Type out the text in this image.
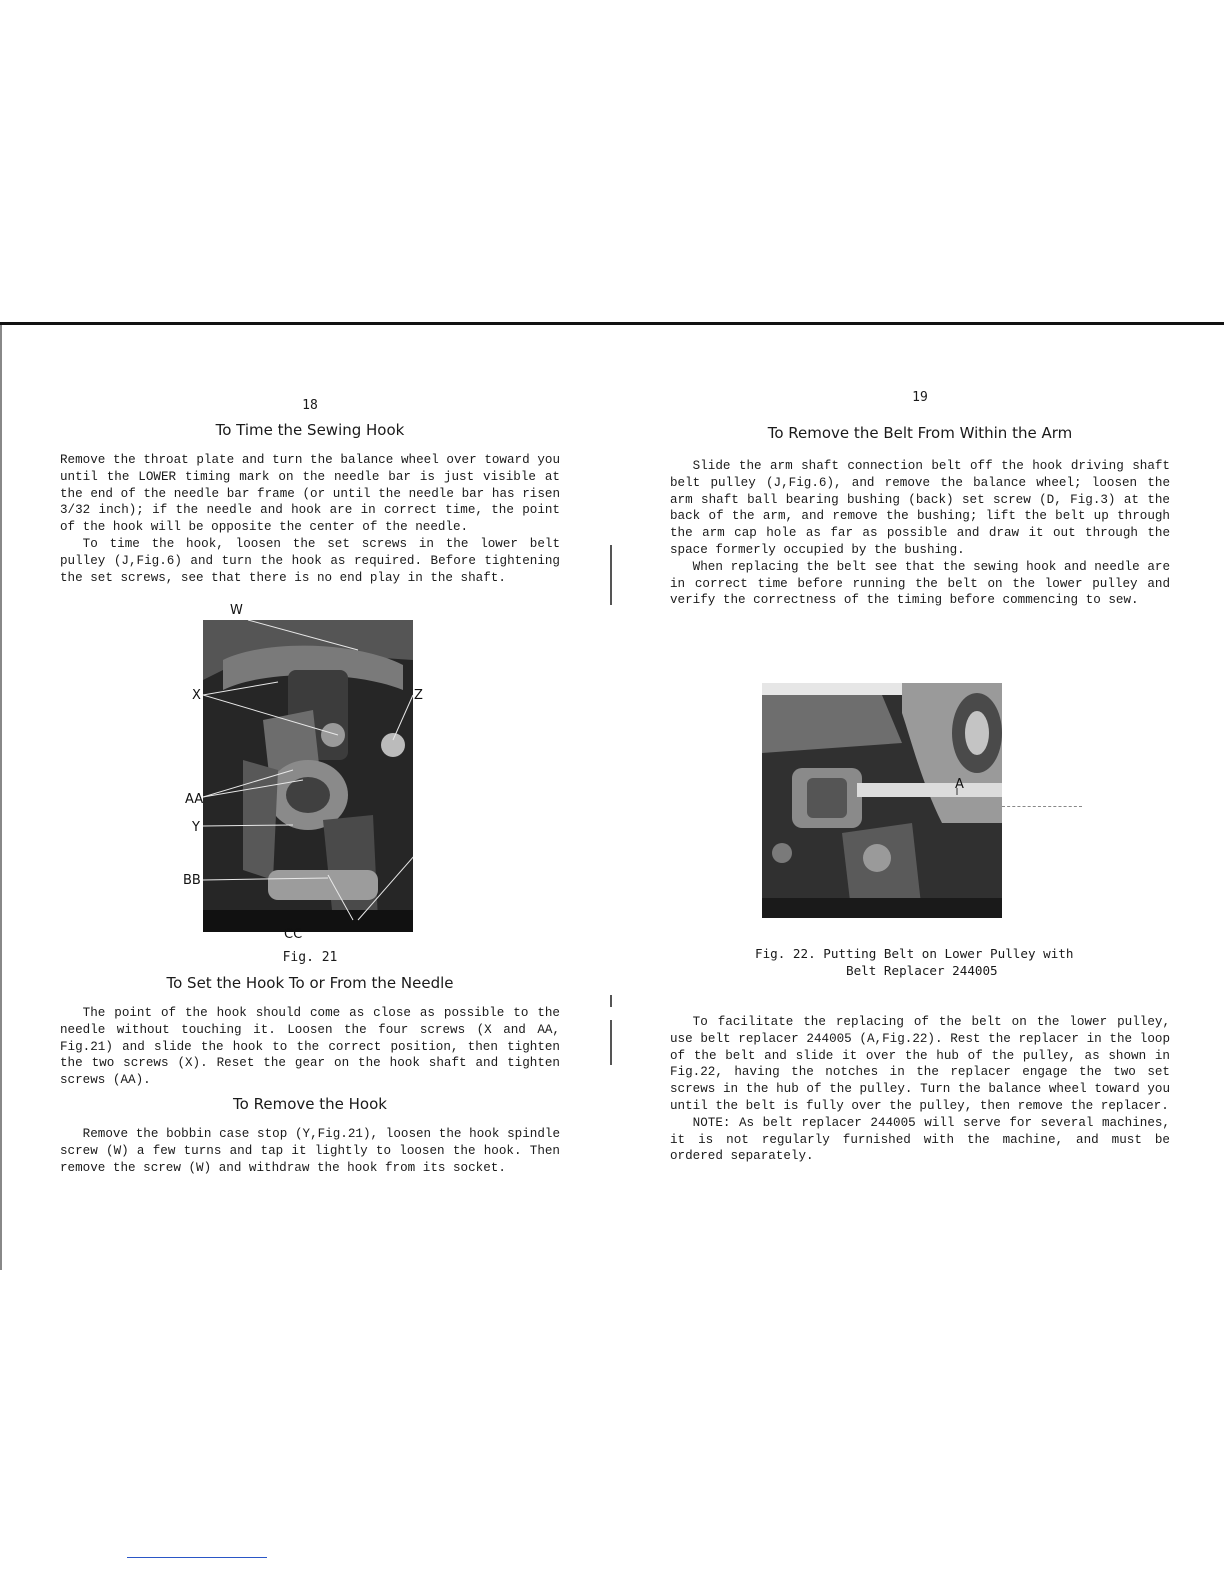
18
To Time the Sewing Hook

Remove the throat plate and turn the balance wheel over toward you until the LOWER timing mark on the needle bar is just visible at the end of the needle bar frame (or until the needle bar has risen 3/32 inch); if the needle and hook are in correct time, the point of the hook will be opposite the center of the needle.

To time the hook, loosen the set screws in the lower belt pulley (J,Fig.6) and turn the hook as required. Before tightening the set screws, see that there is no end play in the shaft.

W
X	Z
AA
Y
BB
CC
Fig. 21
To Set the Hook To or From the Needle

The point of the hook should come as close as possible to the needle without touching it. Loosen the four screws (X and AA, Fig.21) and slide the hook to the correct position, then tighten the two screws (X). Reset the gear on the hook shaft and tighten screws (AA).

To Remove the Hook

Remove the bobbin case stop (Y,Fig.21), loosen the hook spindle screw (W) a few turns and tap it lightly to loosen the hook. Then remove the screw (W) and withdraw the hook from its socket.

19
To Remove the Belt From Within the Arm

Slide the arm shaft connection belt off the hook driving shaft belt pulley (J,Fig.6), and remove the balance wheel; loosen the arm shaft ball bearing bushing (back) set screw (D, Fig.3) at the back of the arm, and remove the bushing; lift the belt up through the arm cap hole as far as possible and draw it out through the space formerly occupied by the bushing.

When replacing the belt see that the sewing hook and needle are in correct time before running the belt on the lower pulley and verify the correctness of the timing before commencing to sew.

A
Fig. 22. Putting Belt on Lower Pulley with
Belt Replacer 244005

To facilitate the replacing of the belt on the lower pulley, use belt replacer 244005 (A,Fig.22). Rest the replacer in the loop of the belt and slide it over the hub of the pulley, as shown in Fig.22, having the notches in the replacer engage the two set screws in the hub of the pulley. Turn the balance wheel toward you until the belt is fully over the pulley, then remove the replacer.

NOTE: As belt replacer 244005 will serve for several machines, it is not regularly furnished with the machine, and must be ordered separately.
